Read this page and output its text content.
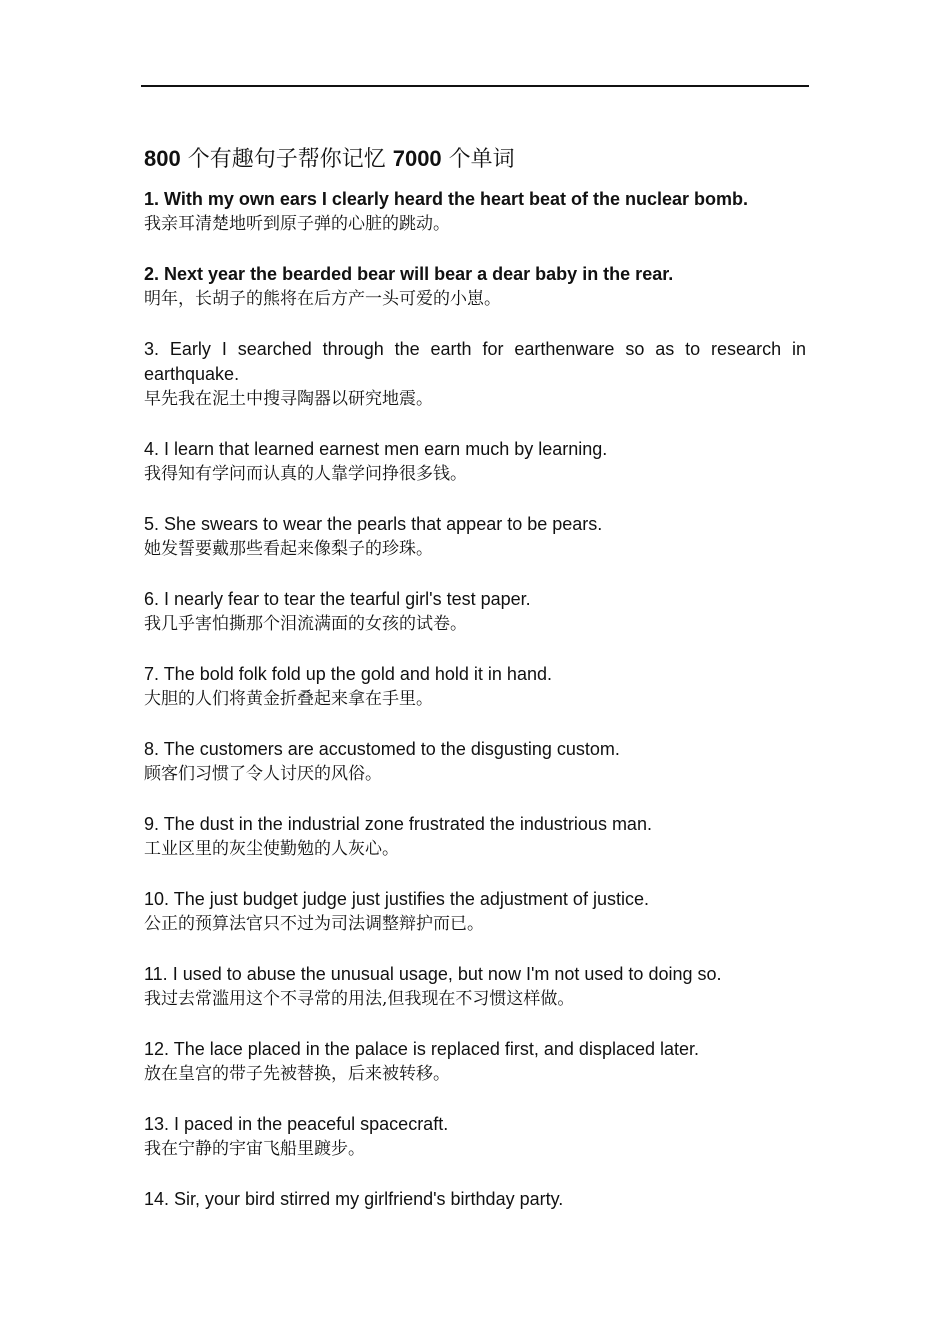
800 个有趣句子帮你记忆 7000 个单词
1. With my own ears I clearly heard the heart beat of the nuclear bomb.
我亲耳清楚地听到原子弹的心脏的跳动。
2. Next year the bearded bear will bear a dear baby in the rear.
明年，长胡子的熊将在后方产一头可爱的小崽。
3. Early I searched through the earth for earthenware so as to research in earthquake.
早先我在泥土中搜寻陶器以研究地震。
4. I learn that learned earnest men earn much by learning.
我得知有学问而认真的人靠学问挣很多钱。
5. She swears to wear the pearls that appear to be pears.
她发誓要戴那些看起来像梨子的珍珠。
6. I nearly fear to tear the tearful girl's test paper.
我几乎害怕撕那个泪流满面的女孩的试卷。
7. The bold folk fold up the gold and hold it in hand.
大胆的人们将黄金折叠起来拿在手里。
8. The customers are accustomed to the disgusting custom.
顾客们习惯了令人讨厌的风俗。
9. The dust in the industrial zone frustrated the industrious man.
工业区里的灰尘使勤勉的人灰心。
10. The just budget judge just justifies the adjustment of justice.
公正的预算法官只不过为司法调整辩护而已。
11. I used to abuse the unusual usage, but now I'm not used to doing so.
我过去常滥用这个不寻常的用法,但我现在不习惯这样做。
12. The lace placed in the palace is replaced first, and displaced later.
放在皇宫的带子先被替换，后来被转移。
13. I paced in the peaceful spacecraft.
我在宁静的宇宙飞船里踱步。
14. Sir, your bird stirred my girlfriend's birthday party.
